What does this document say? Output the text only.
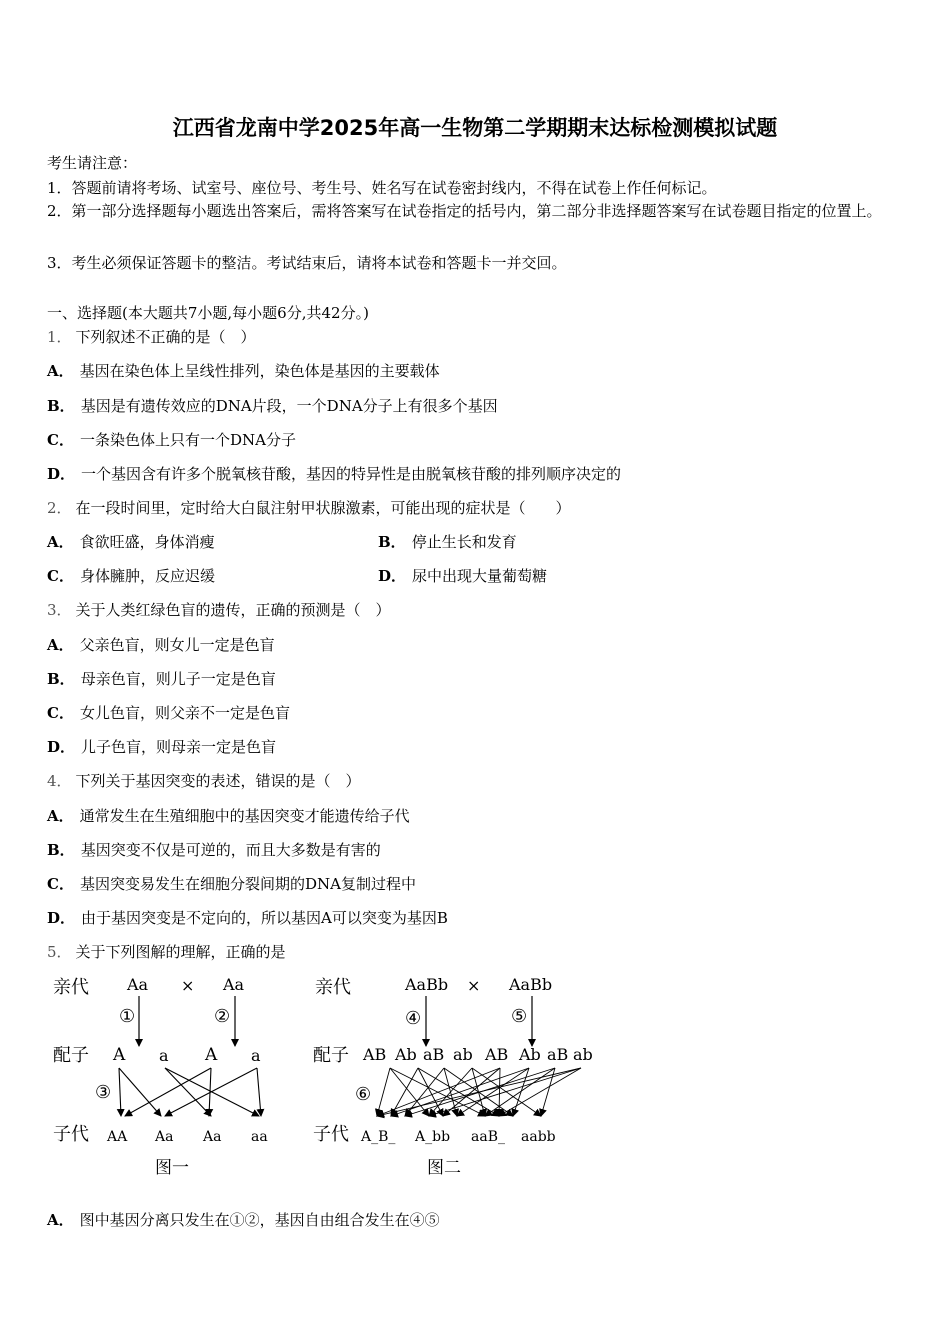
江西省龙南中学2025年高一生物第二学期期末达标检测模拟试题
考生请注意：
1．答题前请将考场、试室号、座位号、考生号、姓名写在试卷密封线内，不得在试卷上作任何标记。
2．第一部分选择题每小题选出答案后，需将答案写在试卷指定的括号内，第二部分非选择题答案写在试卷题目指定的位置上。
3．考生必须保证答题卡的整洁。考试结束后，请将本试卷和答题卡一并交回。
一、选择题(本大题共7小题,每小题6分,共42分。)
1． 下列叙述不正确的是（　）
A． 基因在染色体上呈线性排列，染色体是基因的主要载体
B． 基因是有遗传效应的DNA片段，一个DNA分子上有很多个基因
C． 一条染色体上只有一个DNA分子
D． 一个基因含有许多个脱氧核苷酸，基因的特异性是由脱氧核苷酸的排列顺序决定的
2． 在一段时间里，定时给大白鼠注射甲状腺激素，可能出现的症状是（　　）
A． 食欲旺盛，身体消瘦	B． 停止生长和发育
C． 身体臃肿，反应迟缓	D． 尿中出现大量葡萄糖
3． 关于人类红绿色盲的遗传，正确的预测是（　）
A． 父亲色盲，则女儿一定是色盲
B． 母亲色盲，则儿子一定是色盲
C． 女儿色盲，则父亲不一定是色盲
D． 儿子色盲，则母亲一定是色盲
4． 下列关于基因突变的表述，错误的是（　）
A． 通常发生在生殖细胞中的基因突变才能遗传给子代
B． 基因突变不仅是可逆的，而且大多数是有害的
C． 基因突变易发生在细胞分裂间期的DNA复制过程中
D． 由于基因突变是不定向的，所以基因A可以突变为基因B
5． 关于下列图解的理解，正确的是
亲代 Aa × Aa
①	②
配子 A a A a
③
子代 AA Aa Aa aa
图一
亲代	AaBb × AaBb
④	⑤
配子 AB Ab aB ab AB Ab aB ab
⑥
子代 A_B_ A_bb aaB_ aabb
图二
A． 图中基因分离只发生在①②，基因自由组合发生在④⑤
